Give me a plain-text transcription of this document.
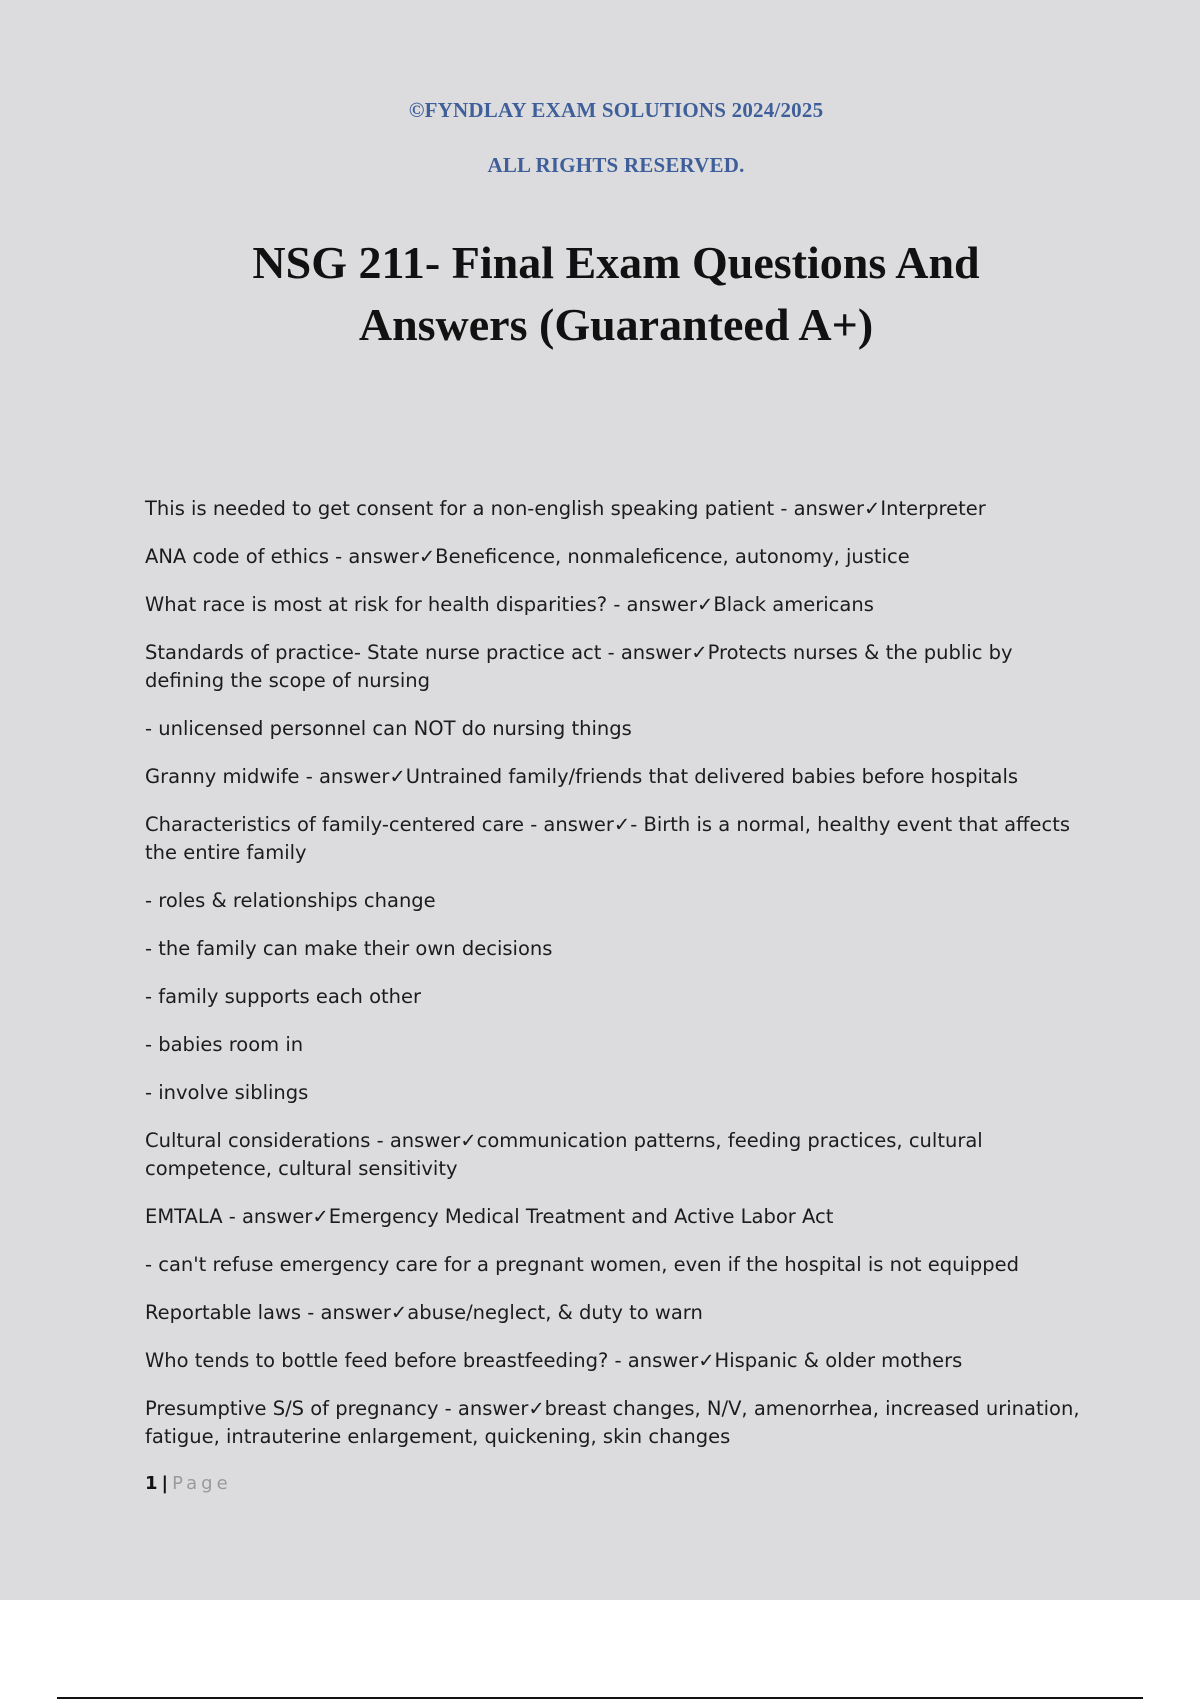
©FYNDLAY EXAM SOLUTIONS 2024/2025
ALL RIGHTS RESERVED.
NSG 211- Final Exam Questions And
Answers (Guaranteed A+)

This is needed to get consent for a non-english speaking patient - answer✓Interpreter

ANA code of ethics - answer✓Beneficence, nonmaleficence, autonomy, justice

What race is most at risk for health disparities? - answer✓Black americans

Standards of practice- State nurse practice act - answer✓Protects nurses & the public by defining the scope of nursing

- unlicensed personnel can NOT do nursing things

Granny midwife - answer✓Untrained family/friends that delivered babies before hospitals

Characteristics of family-centered care - answer✓- Birth is a normal, healthy event that affects the entire family

- roles & relationships change

- the family can make their own decisions

- family supports each other

- babies room in

- involve siblings

Cultural considerations - answer✓communication patterns, feeding practices, cultural competence, cultural sensitivity

EMTALA - answer✓Emergency Medical Treatment and Active Labor Act

- can't refuse emergency care for a pregnant women, even if the hospital is not equipped

Reportable laws - answer✓abuse/neglect, & duty to warn

Who tends to bottle feed before breastfeeding? - answer✓Hispanic & older mothers

Presumptive S/S of pregnancy - answer✓breast changes, N/V, amenorrhea, increased urination, fatigue, intrauterine enlargement, quickening, skin changes

1 | Page
